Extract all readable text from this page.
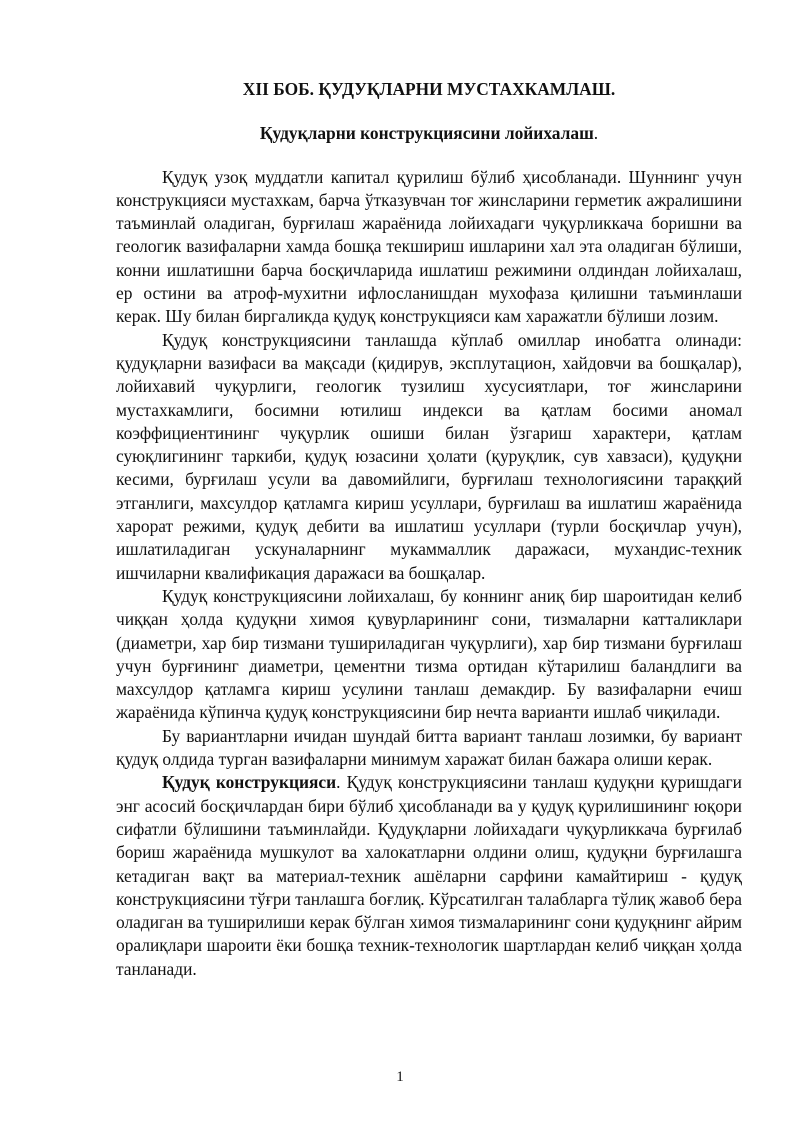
XII БОБ. ҚУДУҚЛАРНИ МУСТАХКАМЛАШ.
Қудуқларни конструкциясини лойихалаш.

Қудуқ узоқ муддатли капитал қурилиш бўлиб ҳисобланади. Шуннинг учун конструкцияси мустахкам, барча ўтказувчан тоғ жинсларини герметик ажралишини таъминлай оладиган, бурғилаш жараёнида лойихадаги чуқурликкача боришни ва геологик вазифаларни хамда бошқа текшириш ишларини хал эта оладиган бўлиши, конни ишлатишни барча босқичларида ишлатиш режимини олдиндан лойихалаш, ер остини ва атроф-мухитни ифлосланишдан мухофаза қилишни таъминлаши керак. Шу билан биргаликда қудуқ конструкцияси кам харажатли бўлиши лозим.

Қудуқ конструкциясини танлашда кўплаб омиллар инобатга олинади: қудуқларни вазифаси ва мақсади (қидирув, эксплутацион, хайдовчи ва бошқалар), лойихавий чуқурлиги, геологик тузилиш хусусиятлари, тоғ жинсларини мустахкамлиги, босимни ютилиш индекси ва қатлам босими аномал коэффициентининг чуқурлик ошиши билан ўзгариш характери, қатлам суюқлигининг таркиби, қудуқ юзасини ҳолати (қуруқлик, сув хавзаси), қудуқни кесими, бурғилаш усули ва давомийлиги, бурғилаш технологиясини тараққий этганлиги, махсулдор қатламга кириш усуллари, бурғилаш ва ишлатиш жараёнида харорат режими, қудуқ дебити ва ишлатиш усуллари (турли босқичлар учун), ишлатиладиган ускуналарнинг мукаммаллик даражаси, мухандис-техник ишчиларни квалификация даражаси ва бошқалар.

Қудуқ конструкциясини лойихалаш, бу коннинг аниқ бир шароитидан келиб чиққан ҳолда қудуқни химоя қувурларининг сони, тизмаларни катталиклари (диаметри, хар бир тизмани тушириладиган чуқурлиги), хар бир тизмани бурғилаш учун бурғининг диаметри, цементни тизма ортидан кўтарилиш баландлиги ва махсулдор қатламга кириш усулини танлаш демакдир. Бу вазифаларни ечиш жараёнида кўпинча қудуқ конструкциясини бир нечта варианти ишлаб чиқилади.

Бу вариантларни ичидан шундай битта вариант танлаш лозимки, бу вариант қудуқ олдида турган вазифаларни минимум харажат билан бажара олиши керак.

Қудуқ конструкцияси. Қудуқ конструкциясини танлаш қудуқни қуришдаги энг асосий босқичлардан бири бўлиб ҳисобланади ва у қудуқ қурилишининг юқори сифатли бўлишини таъминлайди. Қудуқларни лойихадаги чуқурликкача бурғилаб бориш жараёнида мушкулот ва халокатларни олдини олиш, қудуқни бурғилашга кетадиган вақт ва материал-техник ашёларни сарфини камайтириш - қудуқ конструкциясини тўғри танлашга боғлиқ. Кўрсатилган талабларга тўлиқ жавоб бера оладиган ва туширилиши керак бўлган химоя тизмаларининг сони қудуқнинг айрим оралиқлари шароити ёки бошқа техник-технологик шартлардан келиб чиққан ҳолда танланади.

1
